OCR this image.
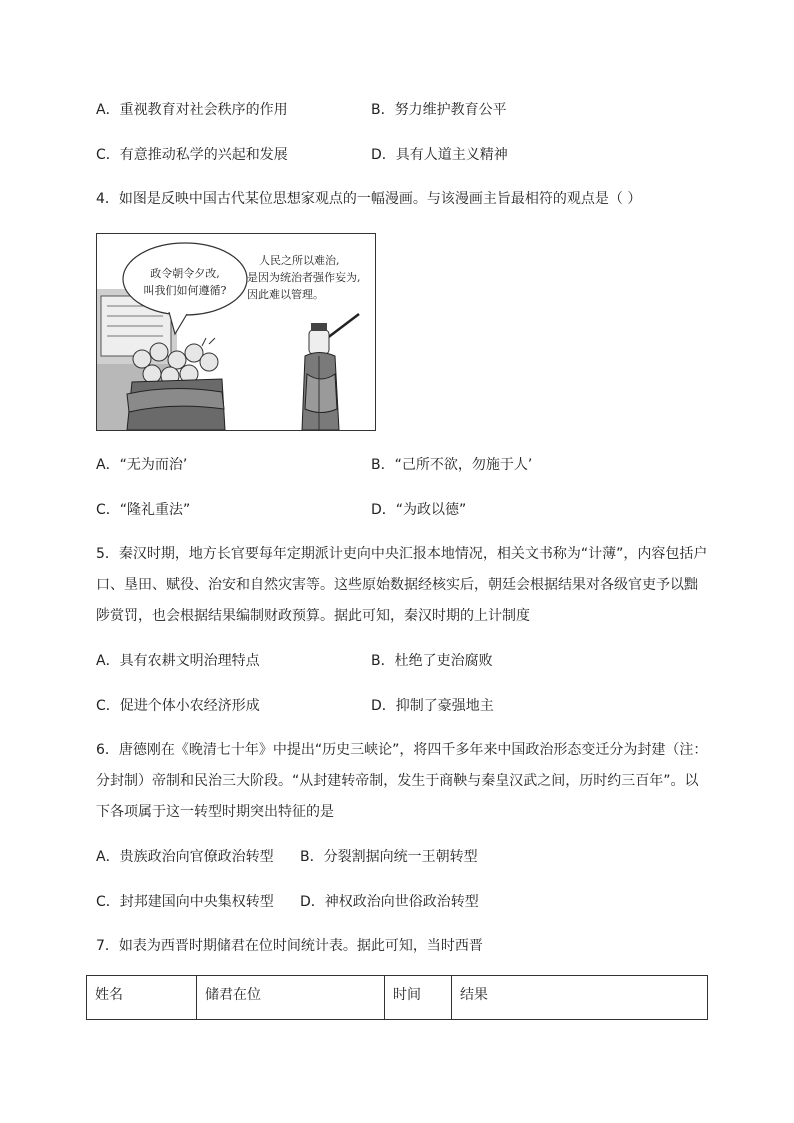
A．重视教育对社会秩序的作用	B．努力维护教育公平
C．有意推动私学的兴起和发展	D．具有人道主义精神
4．如图是反映中国古代某位思想家观点的一幅漫画。与该漫画主旨最相符的观点是（ ）
政令朝令夕改,
叫我们如何遵循?
人民之所以难治,
是因为统治者强作妄为,
因此难以管理。
A．“无为而治’	B．“己所不欲，勿施于人’
C．“隆礼重法”	D．“为政以德”
5．秦汉时期，地方长官要每年定期派计吏向中央汇报本地情况，相关文书称为“计薄”，内容包括户
口、垦田、赋役、治安和自然灾害等。这些原始数据经核实后，朝廷会根据结果对各级官吏予以黜
陟赏罚，也会根据结果编制财政预算。据此可知，秦汉时期的上计制度
A．具有农耕文明治理特点	B．杜绝了吏治腐败
C．促进个体小农经济形成	D．抑制了豪强地主
6．唐德刚在《晚清七十年》中提出“历史三峡论”，将四千多年来中国政治形态变迁分为封建（注：
分封制）帝制和民治三大阶段。“从封建转帝制，发生于商鞅与秦皇汉武之间，历时约三百年”。以
下各项属于这一转型时期突出特征的是
A．贵族政治向官僚政治转型 B．分裂割据向统一王朝转型
C．封邦建国向中央集权转型 D．神权政治向世俗政治转型
7．如表为西晋时期储君在位时间统计表。据此可知，当时西晋
姓名	储君在位	时间	结果
